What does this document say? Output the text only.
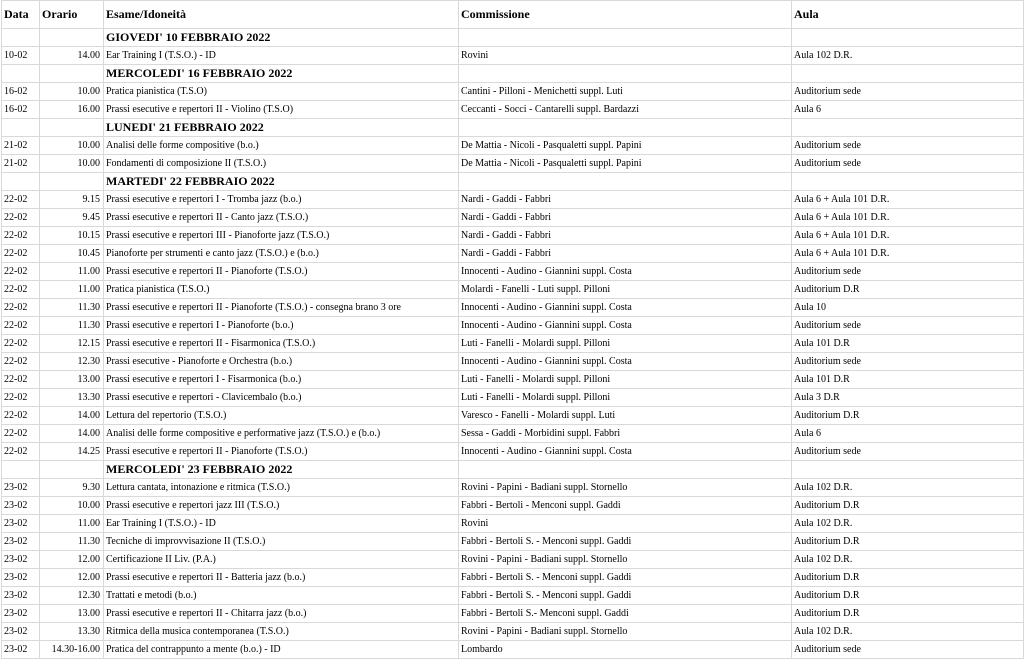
Data	Orario	Esame/Idoneità	Commissione	Aula
		GIOVEDI' 10 FEBBRAIO 2022		
10-02	14.00	Ear Training I (T.S.O.) - ID	Rovini	Aula 102 D.R.
		MERCOLEDI' 16 FEBBRAIO 2022		
16-02	10.00	Pratica pianistica (T.S.O)	Cantini - Pilloni - Menichetti suppl. Luti	Auditorium sede
16-02	16.00	Prassi esecutive e repertori II - Violino (T.S.O)	Ceccanti - Socci - Cantarelli suppl. Bardazzi	Aula 6
		LUNEDI' 21 FEBBRAIO 2022		
21-02	10.00	Analisi delle forme compositive (b.o.)	De Mattia - Nicoli - Pasqualetti suppl. Papini	Auditorium sede
21-02	10.00	Fondamenti di composizione II (T.S.O.)	De Mattia - Nicoli - Pasqualetti suppl. Papini	Auditorium sede
		MARTEDI' 22 FEBBRAIO 2022		
22-02	9.15	Prassi esecutive e repertori I - Tromba jazz (b.o.)	Nardi - Gaddi - Fabbri	Aula 6 + Aula 101 D.R.
22-02	9.45	Prassi esecutive e repertori II - Canto jazz (T.S.O.)	Nardi - Gaddi - Fabbri	Aula 6 + Aula 101 D.R.
22-02	10.15	Prassi esecutive e repertori III - Pianoforte jazz (T.S.O.)	Nardi - Gaddi - Fabbri	Aula 6 + Aula 101 D.R.
22-02	10.45	Pianoforte per strumenti e canto jazz (T.S.O.) e (b.o.)	Nardi - Gaddi - Fabbri	Aula 6 + Aula 101 D.R.
22-02	11.00	Prassi esecutive e repertori II - Pianoforte (T.S.O.)	Innocenti - Audino - Giannini suppl. Costa	Auditorium sede
22-02	11.00	Pratica pianistica (T.S.O.)	Molardi - Fanelli - Luti suppl. Pilloni	Auditorium D.R
22-02	11.30	Prassi esecutive e repertori II - Pianoforte (T.S.O.) - consegna brano 3 ore	Innocenti - Audino - Giannini suppl. Costa	Aula 10
22-02	11.30	Prassi esecutive e repertori I - Pianoforte (b.o.)	Innocenti - Audino - Giannini suppl. Costa	Auditorium sede
22-02	12.15	Prassi esecutive e repertori II - Fisarmonica (T.S.O.)	Luti - Fanelli - Molardi suppl. Pilloni	Aula 101 D.R
22-02	12.30	Prassi esecutive - Pianoforte e Orchestra (b.o.)	Innocenti - Audino - Giannini suppl. Costa	Auditorium sede
22-02	13.00	Prassi esecutive e repertori I - Fisarmonica (b.o.)	Luti - Fanelli - Molardi suppl. Pilloni	Aula 101 D.R
22-02	13.30	Prassi esecutive e repertori - Clavicembalo (b.o.)	Luti - Fanelli - Molardi suppl. Pilloni	Aula 3 D.R
22-02	14.00	Lettura del repertorio (T.S.O.)	Varesco - Fanelli - Molardi suppl. Luti	Auditorium D.R
22-02	14.00	Analisi delle forme compositive e performative jazz (T.S.O.) e (b.o.)	Sessa - Gaddi - Morbidini suppl. Fabbri	Aula 6
22-02	14.25	Prassi esecutive e repertori II - Pianoforte (T.S.O.)	Innocenti - Audino - Giannini suppl. Costa	Auditorium sede
		MERCOLEDI' 23 FEBBRAIO 2022		
23-02	9.30	Lettura cantata, intonazione e ritmica (T.S.O.)	Rovini - Papini - Badiani suppl. Stornello	Aula 102 D.R.
23-02	10.00	Prassi esecutive e repertori jazz III (T.S.O.)	Fabbri - Bertoli - Menconi suppl. Gaddi	Auditorium D.R
23-02	11.00	Ear Training I (T.S.O.) - ID	Rovini	Aula 102 D.R.
23-02	11.30	Tecniche di improvvisazione II (T.S.O.)	Fabbri - Bertoli S. - Menconi suppl. Gaddi	Auditorium D.R
23-02	12.00	Certificazione II Liv. (P.A.)	Rovini - Papini - Badiani suppl. Stornello	Aula 102 D.R.
23-02	12.00	Prassi esecutive e repertori II - Batteria jazz (b.o.)	Fabbri - Bertoli S. - Menconi suppl. Gaddi	Auditorium D.R
23-02	12.30	Trattati e metodi (b.o.)	Fabbri - Bertoli S. - Menconi suppl. Gaddi	Auditorium D.R
23-02	13.00	Prassi esecutive e repertori II - Chitarra jazz (b.o.)	Fabbri - Bertoli S.- Menconi suppl. Gaddi	Auditorium D.R
23-02	13.30	Ritmica della musica contemporanea (T.S.O.)	Rovini - Papini - Badiani suppl. Stornello	Aula 102 D.R.
23-02	14.30-16.00	Pratica del contrappunto a mente (b.o.) - ID	Lombardo	Auditorium sede
